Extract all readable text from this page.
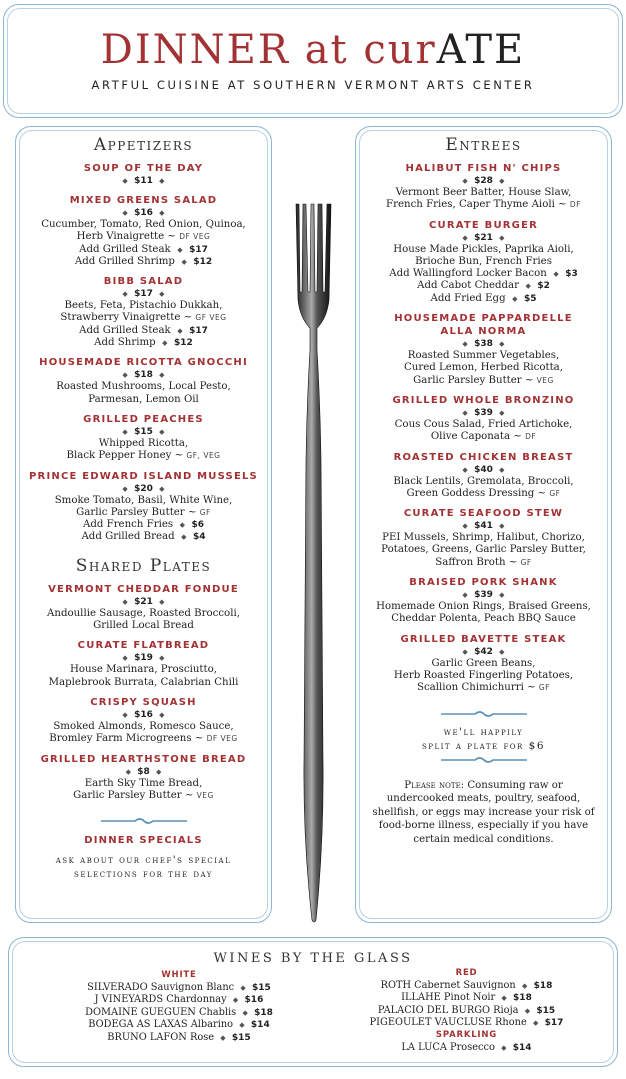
DINNER at curATE
ARTFUL CUISINE AT SOUTHERN VERMONT ARTS CENTER
Appetizers
SOUP OF THE DAY
◆ $11 ◆
MIXED GREENS SALAD
◆ $16 ◆
Cucumber, Tomato, Red Onion, Quinoa,
Herb Vinaigrette ~ DF VEG
Add Grilled Steak ◆ $17
Add Grilled Shrimp ◆ $12
BIBB SALAD
◆ $17 ◆
Beets, Feta, Pistachio Dukkah,
Strawberry Vinaigrette ~ GF VEG
Add Grilled Steak ◆ $17
Add Shrimp ◆ $12
HOUSEMADE RICOTTA GNOCCHI
◆ $18 ◆
Roasted Mushrooms, Local Pesto,
Parmesan, Lemon Oil
GRILLED PEACHES
◆ $15 ◆
Whipped Ricotta,
Black Pepper Honey ~ GF, VEG
PRINCE EDWARD ISLAND MUSSELS
◆ $20 ◆
Smoke Tomato, Basil, White Wine,
Garlic Parsley Butter ~ GF
Add French Fries ◆ $6
Add Grilled Bread ◆ $4
Shared Plates
VERMONT CHEDDAR FONDUE
◆ $21 ◆
Andoullie Sausage, Roasted Broccoli,
Grilled Local Bread
CURATE FLATBREAD
◆ $19 ◆
House Marinara, Prosciutto,
Maplebrook Burrata, Calabrian Chili
CRISPY SQUASH
◆ $16 ◆
Smoked Almonds, Romesco Sauce,
Bromley Farm Microgreens ~ DF VEG
GRILLED HEARTHSTONE BREAD
◆ $8 ◆
Earth Sky Time Bread,
Garlic Parsley Butter ~ VEG
DINNER SPECIALS
ask about our chef's special
selections for the day
Entrees
HALIBUT FISH N' CHIPS
◆ $28 ◆
Vermont Beer Batter, House Slaw,
French Fries, Caper Thyme Aioli ~ DF
CURATE BURGER
◆ $21 ◆
House Made Pickles, Paprika Aioli,
Brioche Bun, French Fries
Add Wallingford Locker Bacon ◆ $3
Add Cabot Cheddar ◆ $2
Add Fried Egg ◆ $5
HOUSEMADE PAPPARDELLE
ALLA NORMA
◆ $38 ◆
Roasted Summer Vegetables,
Cured Lemon, Herbed Ricotta,
Garlic Parsley Butter ~ VEG
GRILLED WHOLE BRONZINO
◆ $39 ◆
Cous Cous Salad, Fried Artichoke,
Olive Caponata ~ DF
ROASTED CHICKEN BREAST
◆ $40 ◆
Black Lentils, Gremolata, Broccoli,
Green Goddess Dressing ~ GF
CURATE SEAFOOD STEW
◆ $41 ◆
PEI Mussels, Shrimp, Halibut, Chorizo,
Potatoes, Greens, Garlic Parsley Butter,
Saffron Broth ~ GF
BRAISED PORK SHANK
◆ $39 ◆
Homemade Onion Rings, Braised Greens,
Cheddar Polenta, Peach BBQ Sauce
GRILLED BAVETTE STEAK
◆ $42 ◆
Garlic Green Beans,
Herb Roasted Fingerling Potatoes,
Scallion Chimichurri ~ GF
we'll happily
split a plate for $6
Please note: Consuming raw or
undercooked meats, poultry, seafood,
shellfish, or eggs may increase your risk of
food-borne illness, especially if you have
certain medical conditions.
WINES BY THE GLASS
WHITE
SILVERADO Sauvignon Blanc ◆ $15
J VINEYARDS Chardonnay ◆ $16
DOMAINE GUEGUEN Chablis ◆ $18
BODEGA AS LAXAS Albarino ◆ $14
BRUNO LAFON Rose ◆ $15
RED
ROTH Cabernet Sauvignon ◆ $18
ILLAHE Pinot Noir ◆ $18
PALACIO DEL BURGO Rioja ◆ $15
PIGEOULET VAUCLUSE Rhone ◆ $17
SPARKLING
LA LUCA Prosecco ◆ $14
